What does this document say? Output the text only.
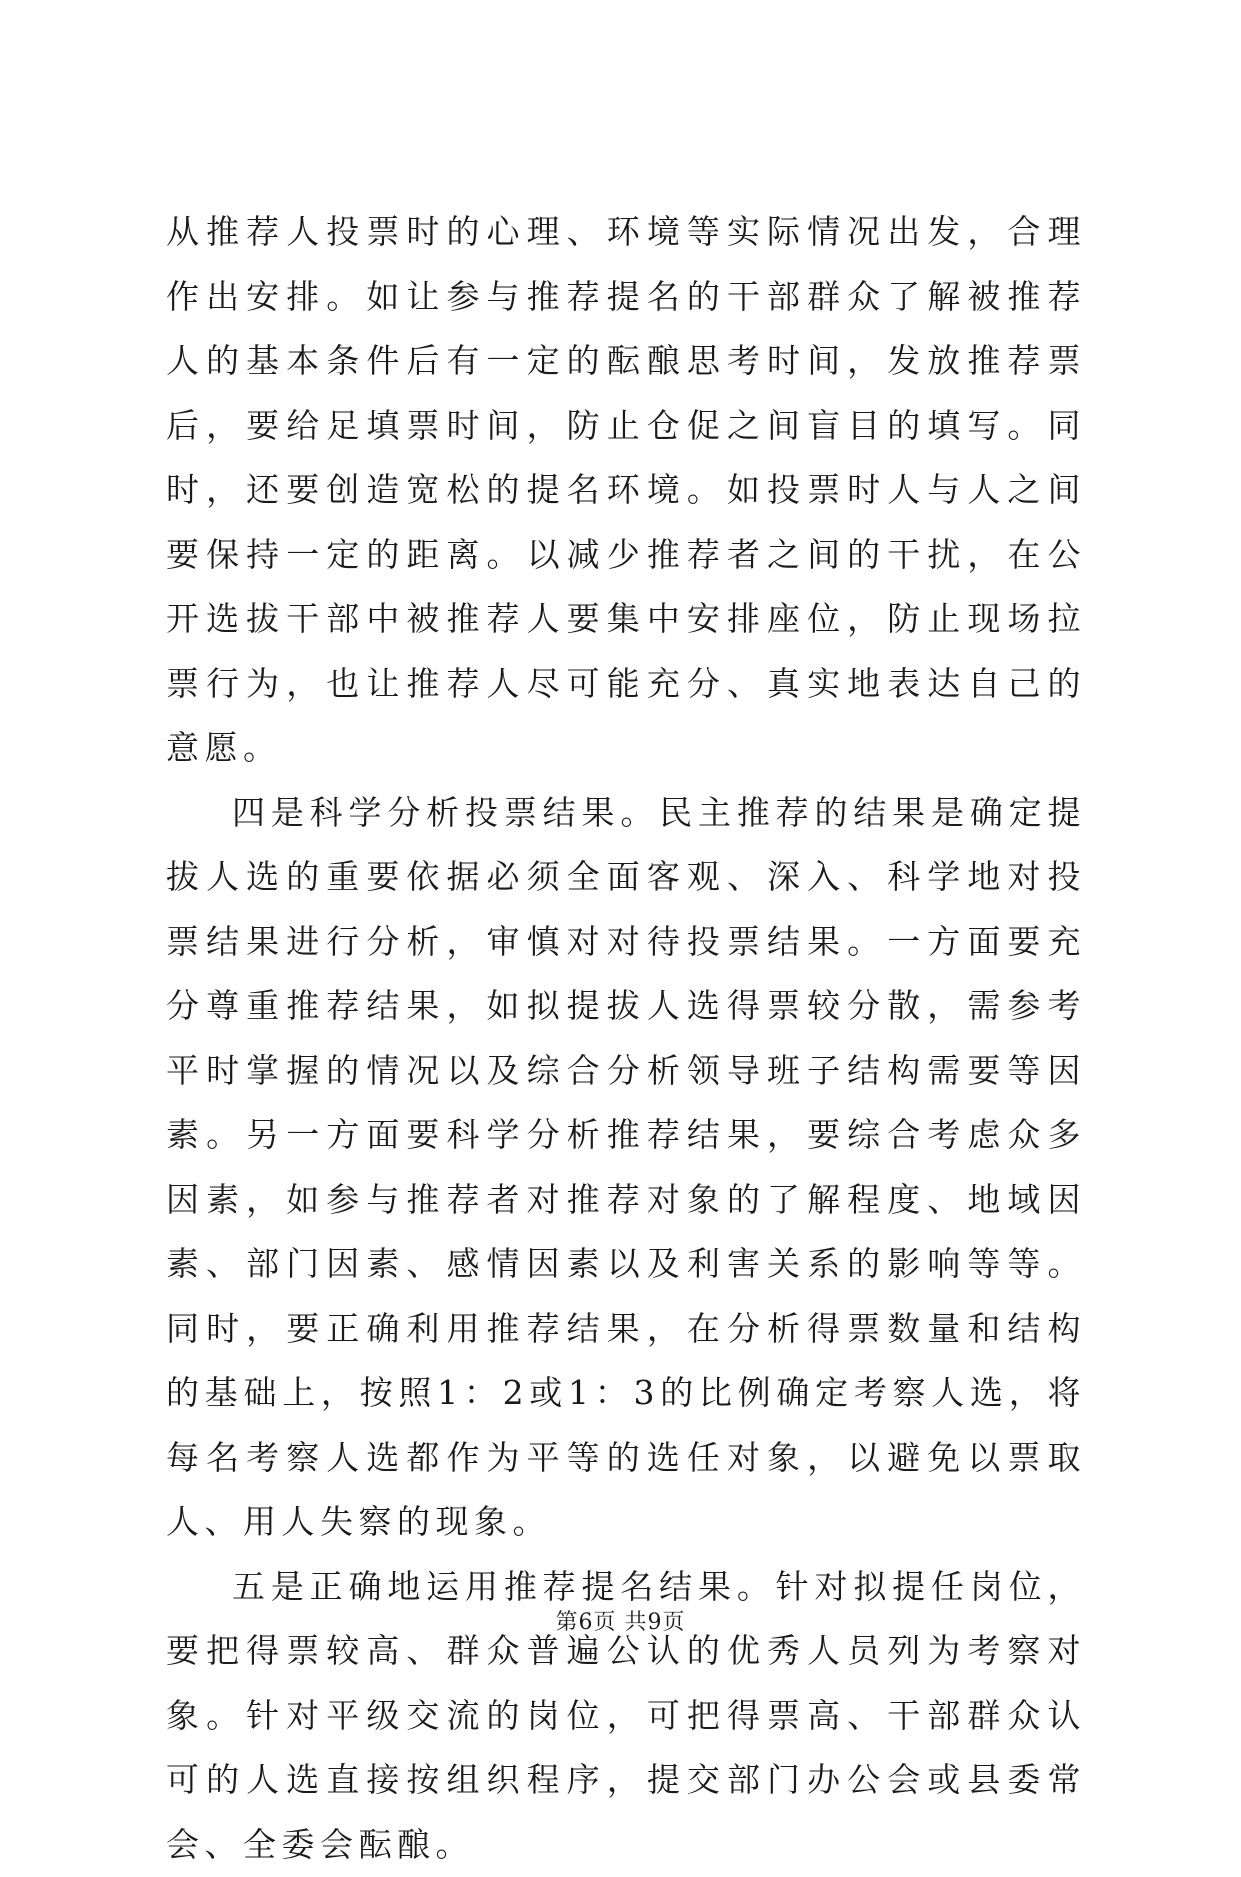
从推荐人投票时的心理、环境等实际情况出发，合理作出安排。如让参与推荐提名的干部群众了解被推荐人的基本条件后有一定的酝酿思考时间，发放推荐票后，要给足填票时间，防止仓促之间盲目的填写。同时，还要创造宽松的提名环境。如投票时人与人之间要保持一定的距离。以减少推荐者之间的干扰，在公开选拔干部中被推荐人要集中安排座位，防止现场拉票行为，也让推荐人尽可能充分、真实地表达自己的意愿。

四是科学分析投票结果。民主推荐的结果是确定提拔人选的重要依据必须全面客观、深入、科学地对投票结果进行分析，审慎对对待投票结果。一方面要充分尊重推荐结果，如拟提拔人选得票较分散，需参考平时掌握的情况以及综合分析领导班子结构需要等因素。另一方面要科学分析推荐结果，要综合考虑众多因素，如参与推荐者对推荐对象的了解程度、地域因素、部门因素、感情因素以及利害关系的影响等等。同时，要正确利用推荐结果，在分析得票数量和结构的基础上，按照1：2或1：3的比例确定考察人选，将每名考察人选都作为平等的选任对象，以避免以票取人、用人失察的现象。

五是正确地运用推荐提名结果。针对拟提任岗位，要把得票较高、群众普遍公认的优秀人员列为考察对象。针对平级交流的岗位，可把得票高、干部群众认可的人选直接按组织程序，提交部门办公会或县委常会、全委会酝酿。

第6页 共9页
